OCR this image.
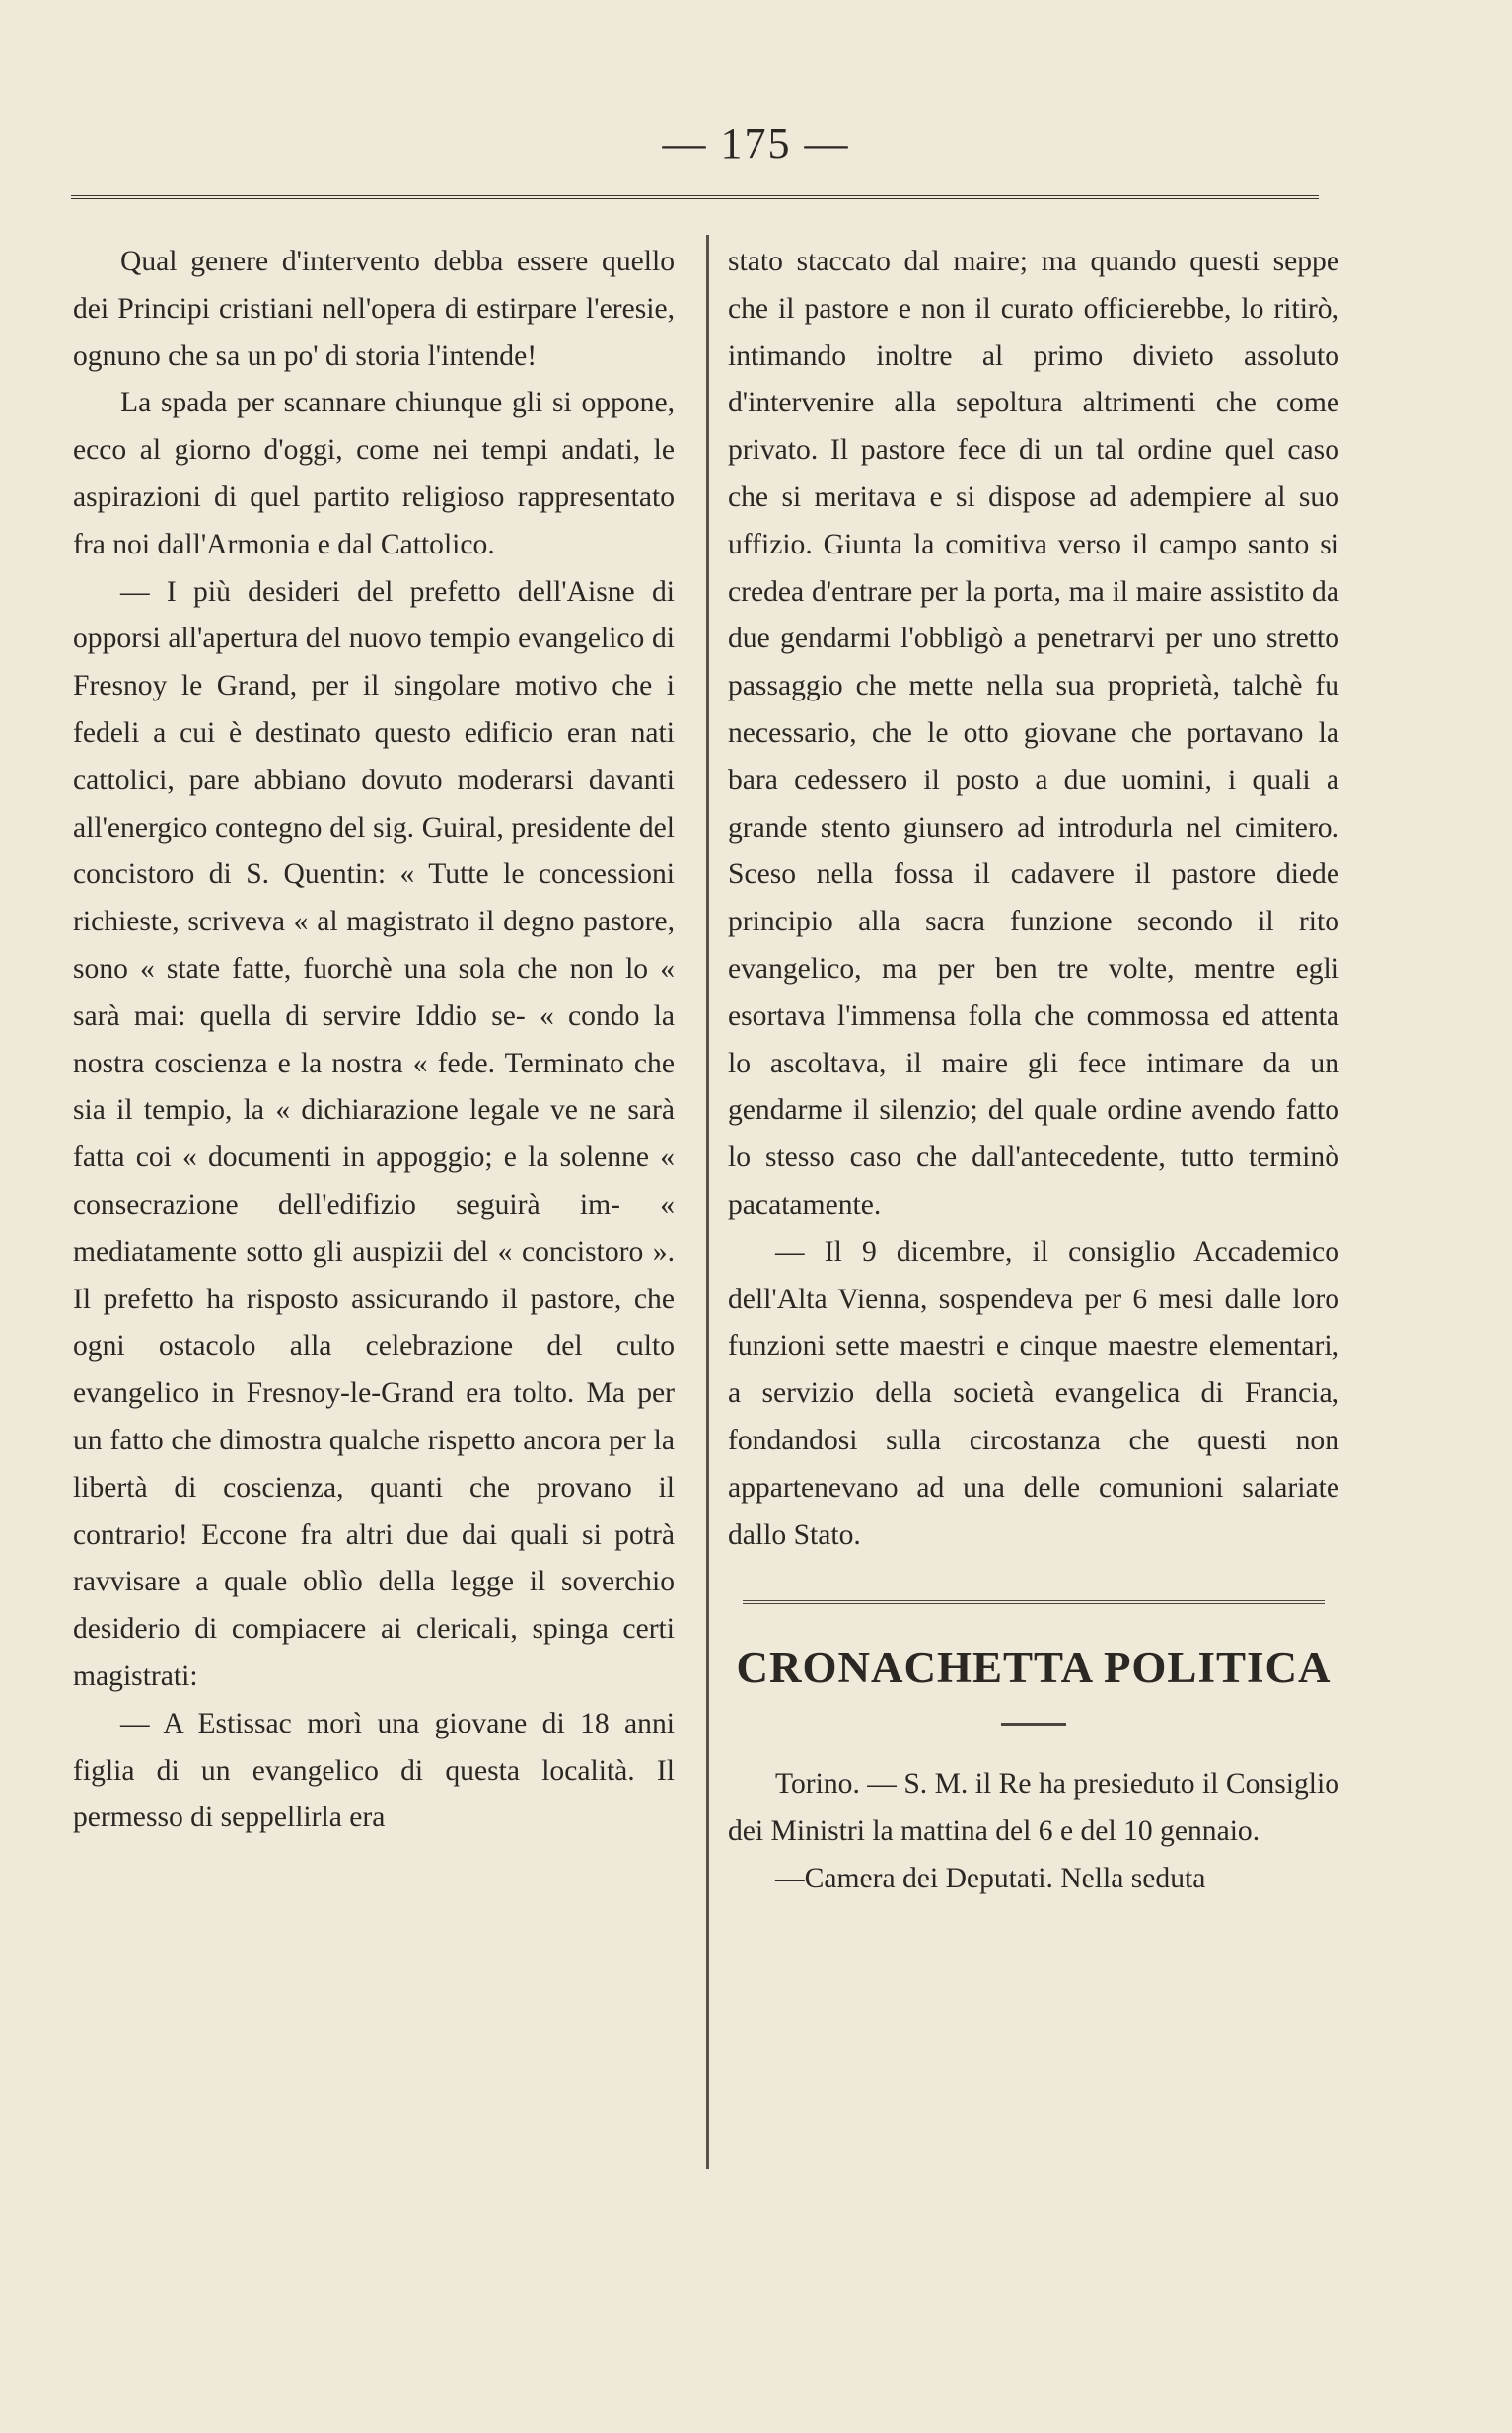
— 175 —

Qual genere d'intervento debba essere quello dei Principi cristiani nell'opera di estirpare l'eresie, ognuno che sa un po' di storia l'intende!

La spada per scannare chiunque gli si oppone, ecco al giorno d'oggi, come nei tempi andati, le aspirazioni di quel partito religioso rappresentato fra noi dall'Armonia e dal Cattolico.

— I più desideri del prefetto dell'Aisne di opporsi all'apertura del nuovo tempio evangelico di Fresnoy le Grand, per il singolare motivo che i fedeli a cui è destinato questo edificio eran nati cattolici, pare abbiano dovuto moderarsi davanti all'energico contegno del sig. Guiral, presidente del concistoro di S. Quentin: « Tutte le concessioni richieste, scriveva « al magistrato il degno pastore, sono « state fatte, fuorchè una sola che non lo « sarà mai: quella di servire Iddio se- « condo la nostra coscienza e la nostra « fede. Terminato che sia il tempio, la « dichiarazione legale ve ne sarà fatta coi « documenti in appoggio; e la solenne « consecrazione dell'edifizio seguirà im- « mediatamente sotto gli auspizii del « concistoro ». Il prefetto ha risposto assicurando il pastore, che ogni ostacolo alla celebrazione del culto evangelico in Fresnoy-le-Grand era tolto. Ma per un fatto che dimostra qualche rispetto ancora per la libertà di coscienza, quanti che provano il contrario! Eccone fra altri due dai quali si potrà ravvisare a quale oblìo della legge il soverchio desiderio di compiacere ai clericali, spinga certi magistrati:

— A Estissac morì una giovane di 18 anni figlia di un evangelico di questa località. Il permesso di seppellirla era

stato staccato dal maire; ma quando questi seppe che il pastore e non il curato officierebbe, lo ritirò, intimando inoltre al primo divieto assoluto d'intervenire alla sepoltura altrimenti che come privato. Il pastore fece di un tal ordine quel caso che si meritava e si dispose ad adempiere al suo uffizio. Giunta la comitiva verso il campo santo si credea d'entrare per la porta, ma il maire assistito da due gendarmi l'obbligò a penetrarvi per uno stretto passaggio che mette nella sua proprietà, talchè fu necessario, che le otto giovane che portavano la bara cedessero il posto a due uomini, i quali a grande stento giunsero ad introdurla nel cimitero. Sceso nella fossa il cadavere il pastore diede principio alla sacra funzione secondo il rito evangelico, ma per ben tre volte, mentre egli esortava l'immensa folla che commossa ed attenta lo ascoltava, il maire gli fece intimare da un gendarme il silenzio; del quale ordine avendo fatto lo stesso caso che dall'antecedente, tutto terminò pacatamente.

— Il 9 dicembre, il consiglio Accademico dell'Alta Vienna, sospendeva per 6 mesi dalle loro funzioni sette maestri e cinque maestre elementari, a servizio della società evangelica di Francia, fondandosi sulla circostanza che questi non appartenevano ad una delle comunioni salariate dallo Stato.

CRONACHETTA POLITICA

Torino. — S. M. il Re ha presieduto il Consiglio dei Ministri la mattina del 6 e del 10 gennaio.

—Camera dei Deputati. Nella seduta
